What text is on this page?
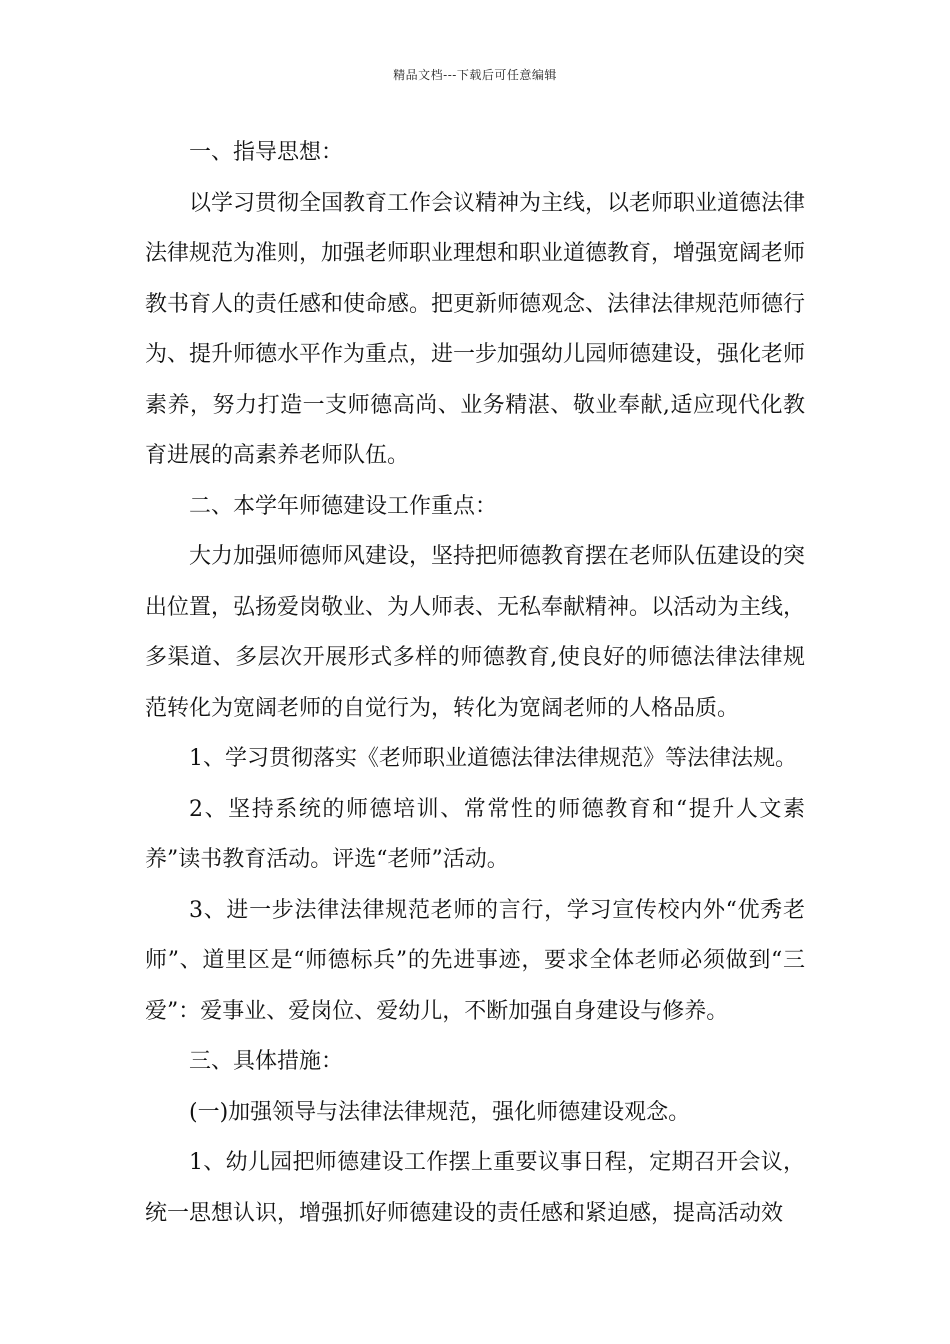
精品文档---下载后可任意编辑

一、指导思想：

以学习贯彻全国教育工作会议精神为主线，以老师职业道德法律法律规范为准则，加强老师职业理想和职业道德教育，增强宽阔老师教书育人的责任感和使命感。把更新师德观念、法律法律规范师德行为、提升师德水平作为重点，进一步加强幼儿园师德建设，强化老师素养，努力打造一支师德高尚、业务精湛、敬业奉献,适应现代化教育进展的高素养老师队伍。

二、本学年师德建设工作重点：

大力加强师德师风建设，坚持把师德教育摆在老师队伍建设的突出位置，弘扬爱岗敬业、为人师表、无私奉献精神。以活动为主线，多渠道、多层次开展形式多样的师德教育,使良好的师德法律法律规范转化为宽阔老师的自觉行为，转化为宽阔老师的人格品质。

1、学习贯彻落实《老师职业道德法律法律规范》等法律法规。

2、坚持系统的师德培训、常常性的师德教育和“提升人文素养”读书教育活动。评选“老师”活动。

3、进一步法律法律规范老师的言行，学习宣传校内外“优秀老师”、道里区是“师德标兵”的先进事迹，要求全体老师必须做到“三爱”：爱事业、爱岗位、爱幼儿，不断加强自身建设与修养。

三、具体措施：

(一)加强领导与法律法律规范，强化师德建设观念。

1、幼儿园把师德建设工作摆上重要议事日程，定期召开会议，统一思想认识，增强抓好师德建设的责任感和紧迫感，提高活动效
